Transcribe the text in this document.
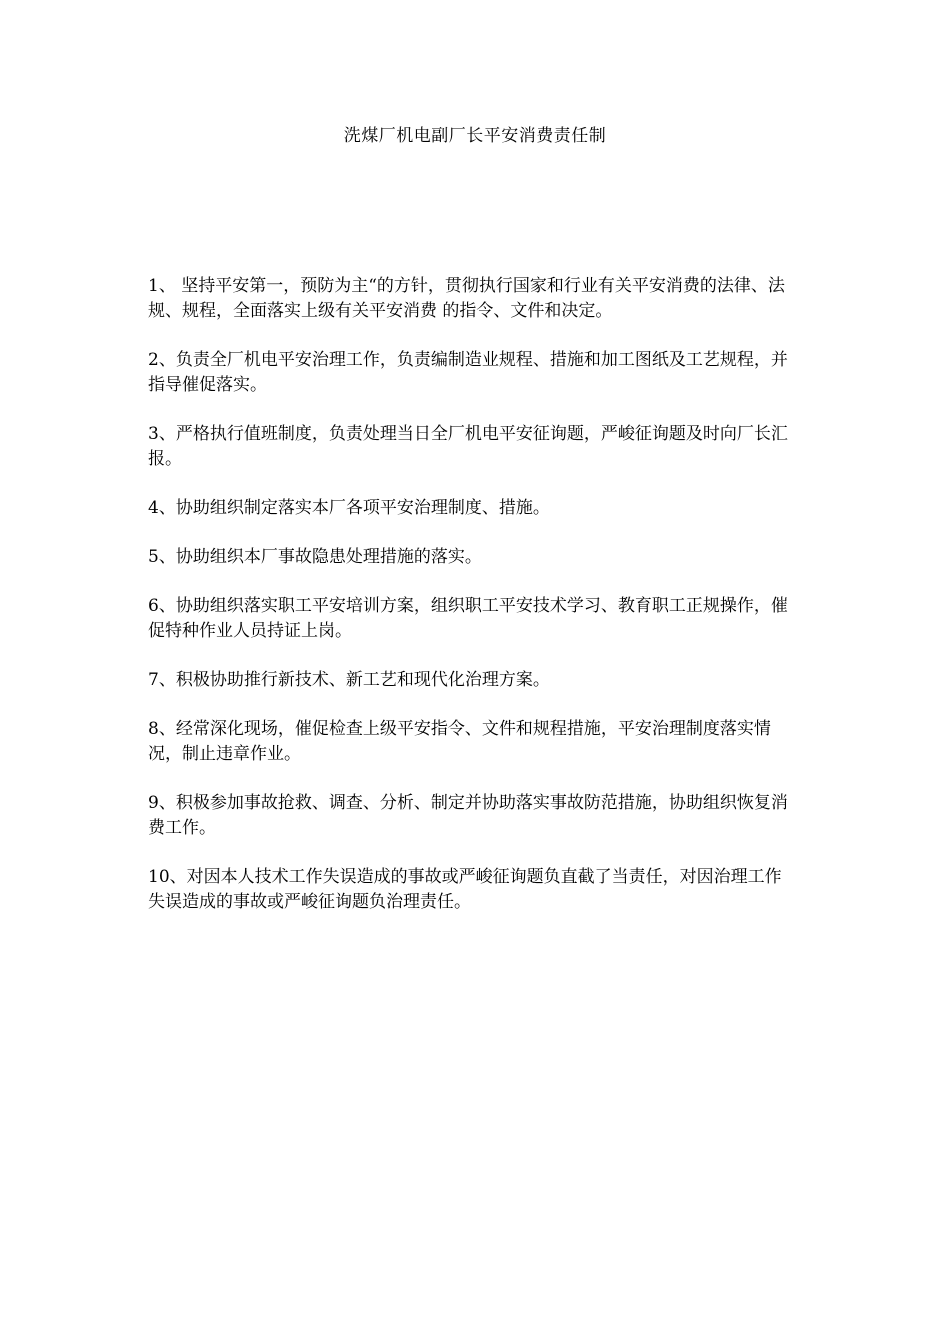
洗煤厂机电副厂长平安消费责任制
1、 坚持平安第一，预防为主“的方针，贯彻执行国家和行业有关平安消费的法律、法规、规程，全面落实上级有关平安消费 的指令、文件和决定。
2、负责全厂机电平安治理工作，负责编制造业规程、措施和加工图纸及工艺规程，并指导催促落实。
3、严格执行值班制度，负责处理当日全厂机电平安征询题，严峻征询题及时向厂长汇报。
4、协助组织制定落实本厂各项平安治理制度、措施。
5、协助组织本厂事故隐患处理措施的落实。
6、协助组织落实职工平安培训方案，组织职工平安技术学习、教育职工正规操作，催促特种作业人员持证上岗。
7、积极协助推行新技术、新工艺和现代化治理方案。
8、经常深化现场，催促检查上级平安指令、文件和规程措施，平安治理制度落实情况，制止违章作业。
9、积极参加事故抢救、调查、分析、制定并协助落实事故防范措施，协助组织恢复消费工作。
10、对因本人技术工作失误造成的事故或严峻征询题负直截了当责任，对因治理工作失误造成的事故或严峻征询题负治理责任。
